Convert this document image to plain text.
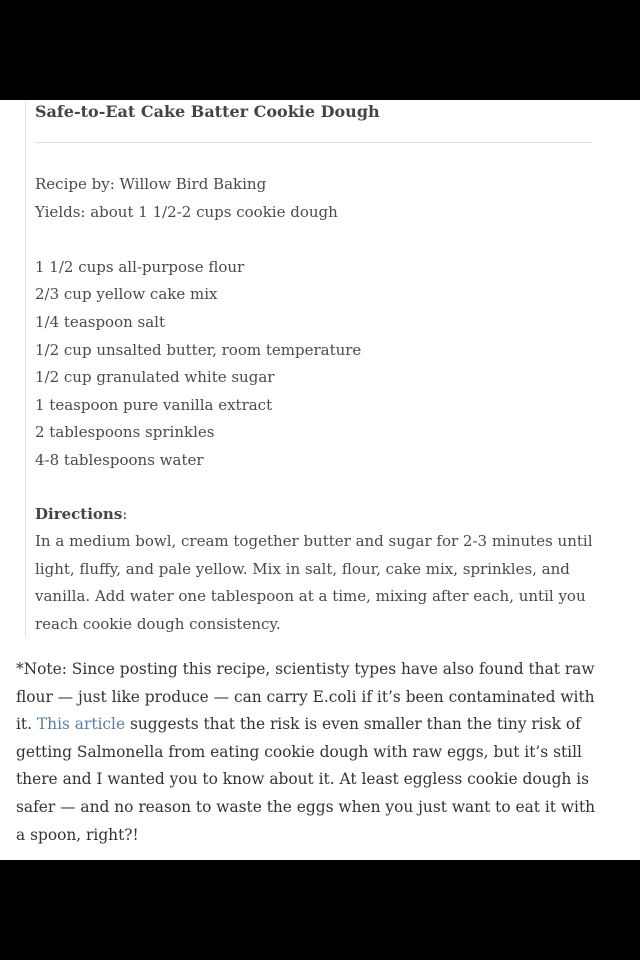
Safe-to-Eat Cake Batter Cookie Dough

Recipe by: Willow Bird Baking

Yields: about 1 1/2-2 cups cookie dough

1 1/2 cups all-purpose flour

2/3 cup yellow cake mix

1/4 teaspoon salt

1/2 cup unsalted butter, room temperature

1/2 cup granulated white sugar

1 teaspoon pure vanilla extract

2 tablespoons sprinkles

4-8 tablespoons water

Directions:

In a medium bowl, cream together butter and sugar for 2-3 minutes until light, fluffy, and pale yellow. Mix in salt, flour, cake mix, sprinkles, and vanilla. Add water one tablespoon at a time, mixing after each, until you reach cookie dough consistency.

*Note: Since posting this recipe, scientisty types have also found that raw flour — just like produce — can carry E.coli if it’s been contaminated with it. This article suggests that the risk is even smaller than the tiny risk of getting Salmonella from eating cookie dough with raw eggs, but it’s still there and I wanted you to know about it. At least eggless cookie dough is safer — and no reason to waste the eggs when you just want to eat it with a spoon, right?!
